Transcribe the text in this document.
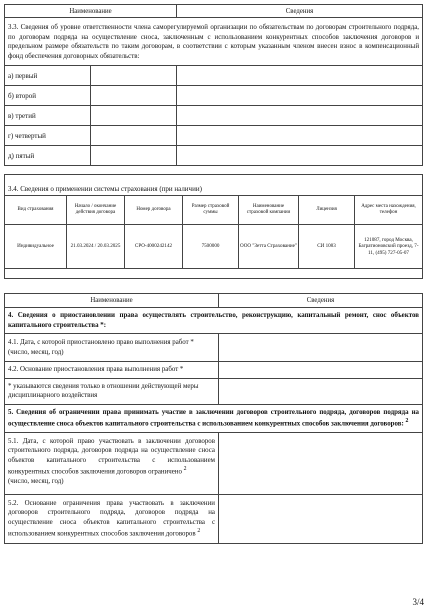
Наименование		Сведения
3.3. Сведения об уровне ответственности члена саморегулируемой организации по обязательствам по договорам строительного подряда, по договорам подряда на осуществление сноса, заключенным с использованием конкурентных способов заключения договоров и предельном размере обязательств по таким договорам, в соответствии с которым указанным членом внесен взнос в компенсационный фонд обеспечения договорных обязательств:		
а) первый		
б) второй		
в) третий		
г) четвертый		
д) пятый		

3.4. Сведения о применении системы страхования (при наличии)						
Вид страхования	Начало / окончание действия договора	Номер договора	Размер страховой суммы	Наименование страховой компании	Лицензия	Адрес места нахождения, телефон
Индивидуальное	21.03.2024 / 20.03.2025	СРО-4000242142	7500000	ООО "Зетта Страхование"	СИ 1083	121087, город Москва, Багратионовский проезд, 7-11, (495) 727-05-07

Наименование	Сведения
4. Сведения о приостановлении права осуществлять строительство, реконструкцию, капитальный ремонт, снос объектов капитального строительства *:	
4.1. Дата, с которой приостановлено право выполнения работ * (число, месяц, год)	
4.2. Основание приостановления права выполнения работ *	
* указываются сведения только в отношении действующей меры дисциплинарного воздействия	
5. Сведения об ограничении права принимать участие в заключении договоров строительного подряда, договоров подряда на осуществление сноса объектов капитального строительства с использованием конкурентных способов заключения договоров: $^2$
5.1. Дата, с которой право участвовать в заключении договоров строительного подряда, договоров подряда на осуществление сноса объектов капитального строительства с использованием конкурентных способов заключения договоров ограничено $^2$
(число, месяц, год)	
5.2. Основание ограничения права участвовать в заключении договоров строительного подряда, договоров подряда на осуществление сноса объектов капитального строительства с использованием конкурентных способов заключения договоров $^2$	
3/4
